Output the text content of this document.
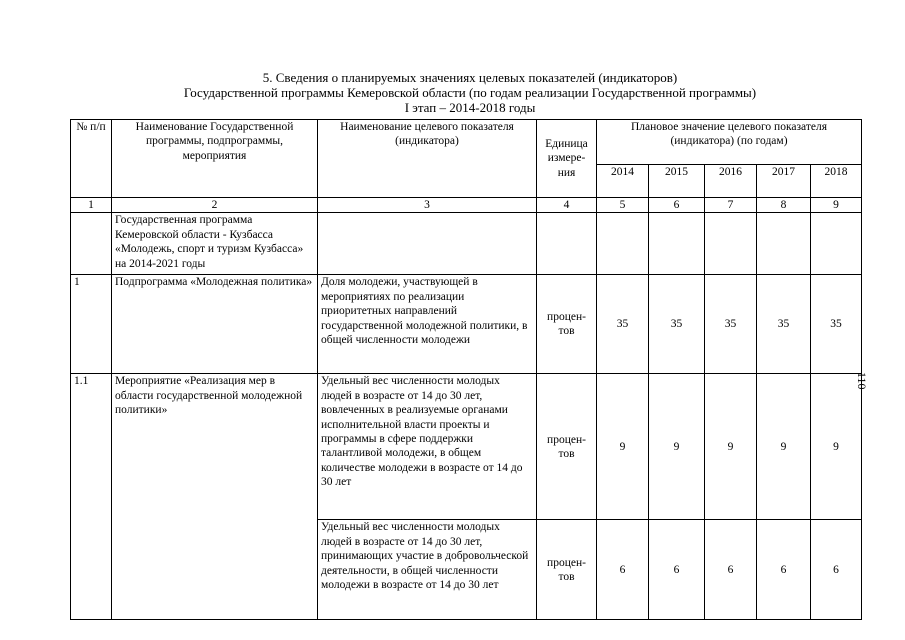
5. Сведения о планируемых значениях целевых показателей (индикаторов)
Государственной программы Кемеровской области (по годам реализации Государственной программы)
I этап – 2014-2018 годы
110
№ п/п	Наименование Государственной программы, подпрограммы, мероприятия	Наименование целевого показателя (индикатора)	Единица измере-ния	Плановое значение целевого показателя (индикатора) (по годам)				
				2014	2015	2016	2017	2018
1	2	3	4	5	6	7	8	9
	Государственная программа Кемеровской области - Кузбасса «Молодежь, спорт и туризм Кузбасса» на 2014-2021 годы							
1	Подпрограмма «Молодежная политика»	Доля молодежи, участвующей в мероприятиях по реализации приоритетных направлений государственной молодежной политики, в общей численности молодежи	процен-тов	35	35	35	35	35
1.1	Мероприятие «Реализация мер в области государственной молодежной политики»	Удельный вес численности молодых людей в возрасте от 14 до 30 лет, вовлеченных в реализуемые органами исполнительной власти проекты и программы в сфере поддержки талантливой молодежи, в общем количестве молодежи в возрасте от 14 до 30 лет	процен-тов	9	9	9	9	9
		Удельный вес численности молодых людей в возрасте от 14 до 30 лет, принимающих участие в добровольческой деятельности, в общей численности молодежи в возрасте от 14 до 30 лет	процен-тов	6	6	6	6	6
